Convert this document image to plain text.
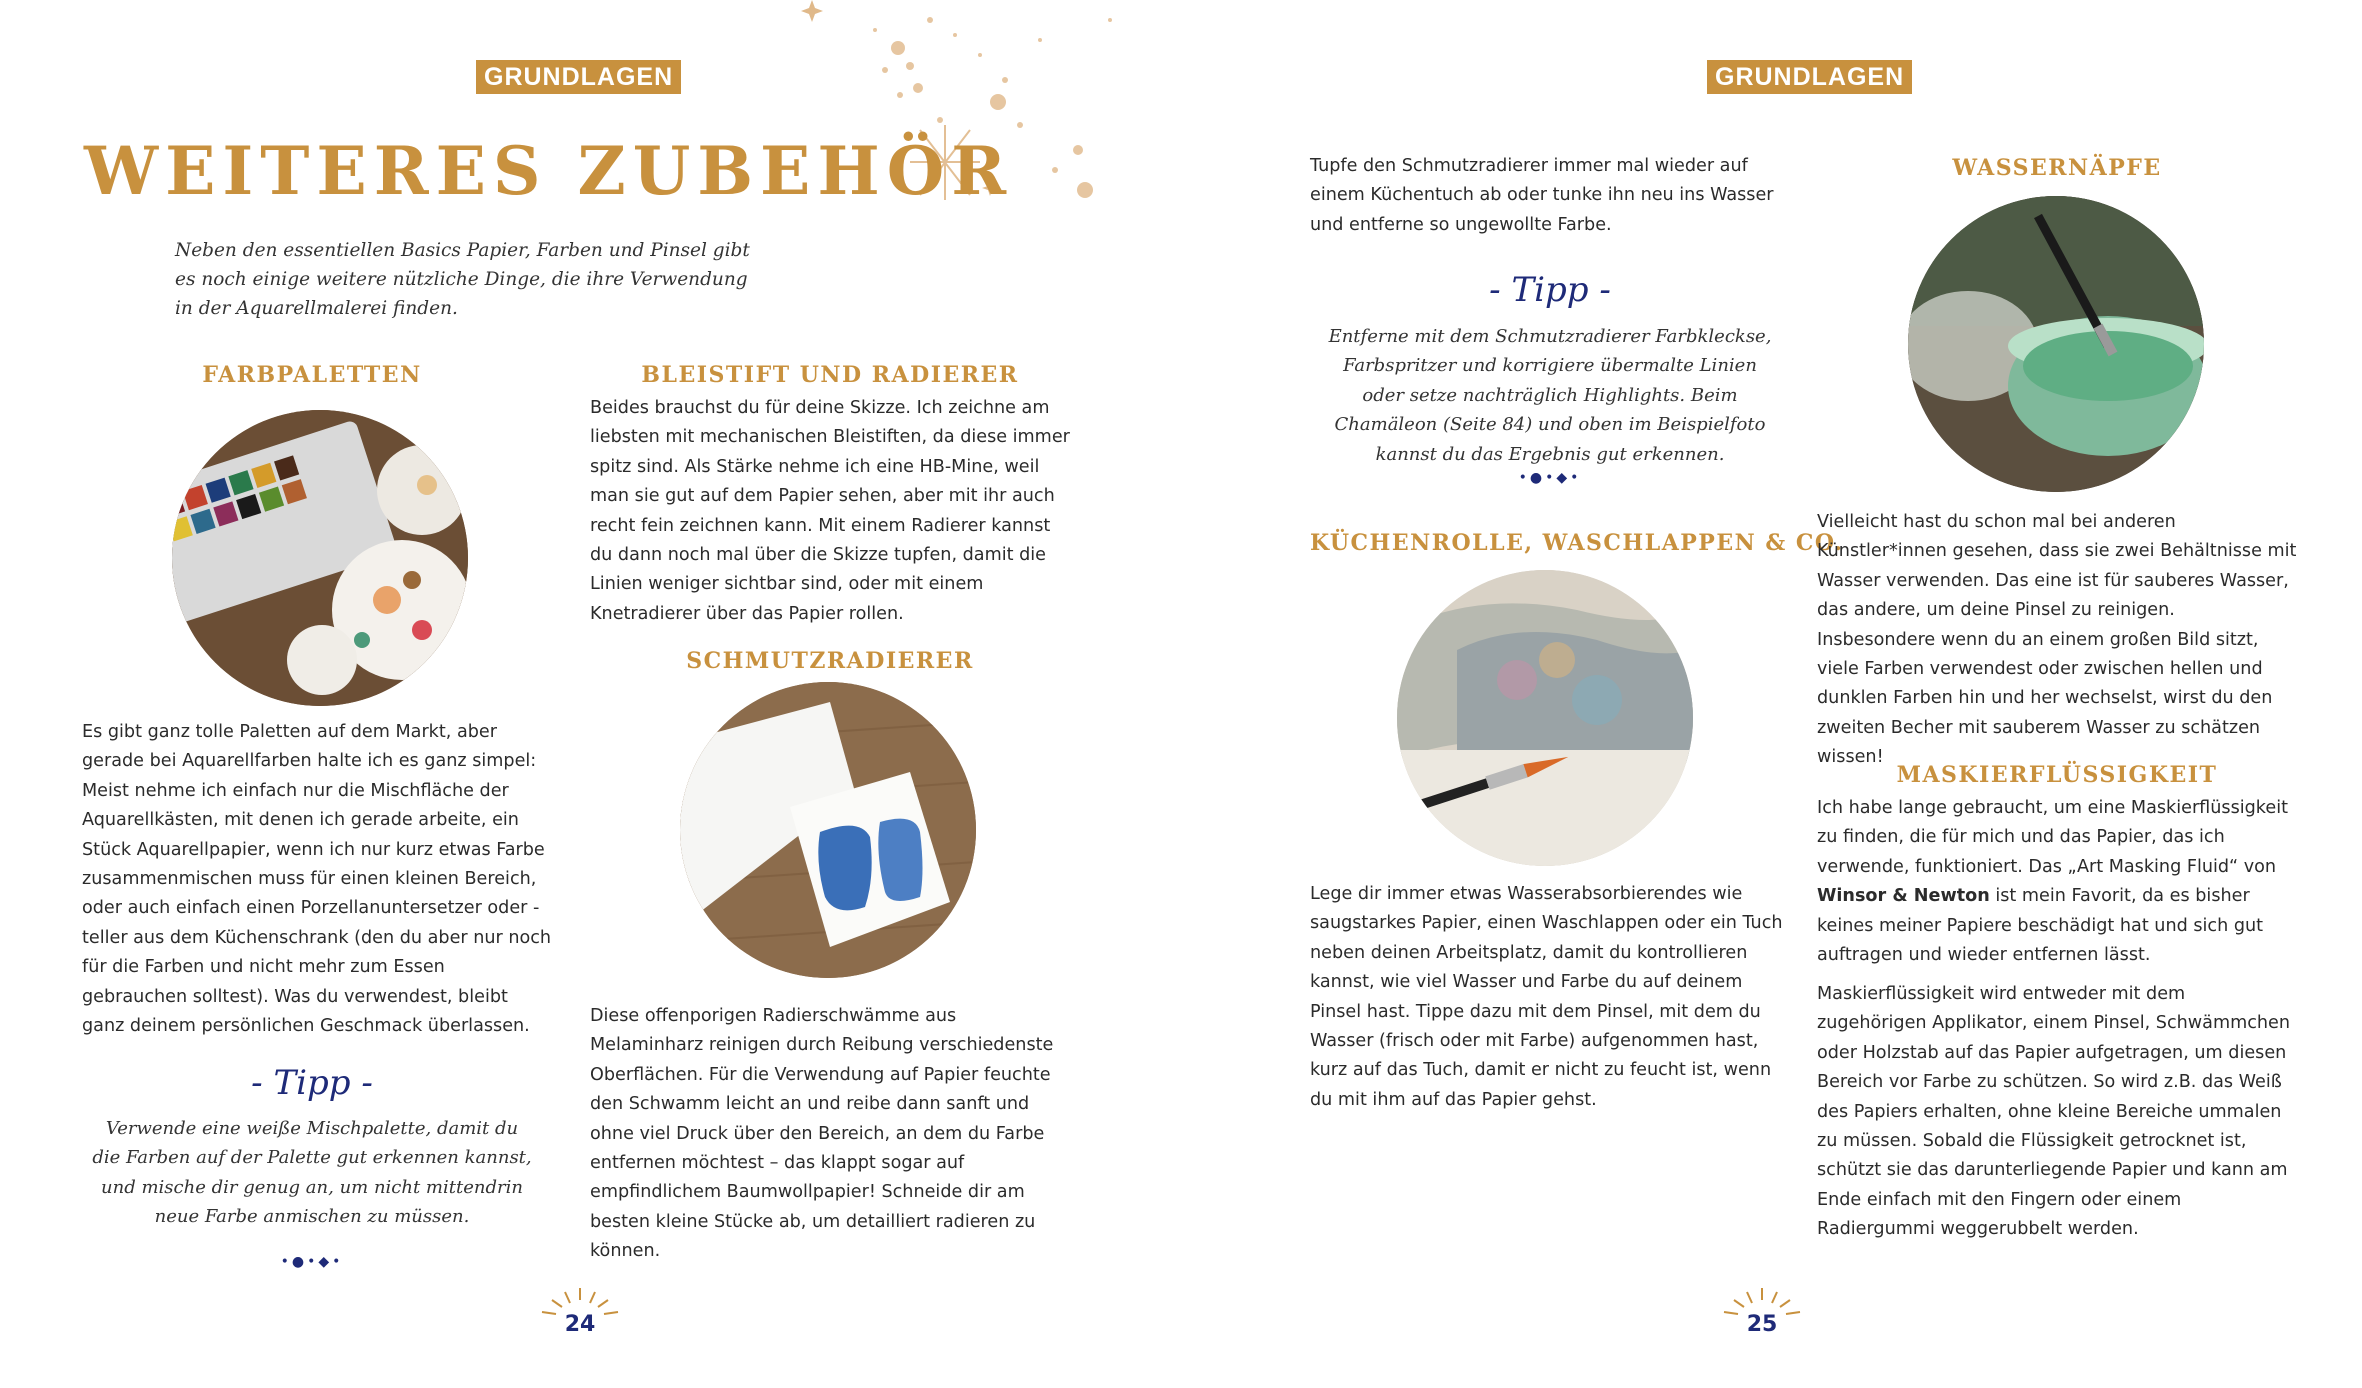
GRUNDLAGEN
WEITERES ZUBEHÖR

Neben den essentiellen Basics Papier, Farben und Pinsel gibt es noch einige weitere nützliche Dinge, die ihre Verwendung in der Aquarellmalerei finden.

FARBPALETTEN

Es gibt ganz tolle Paletten auf dem Markt, aber gerade bei Aquarellfarben halte ich es ganz simpel: Meist nehme ich einfach nur die Mischfläche der Aquarellkästen, mit denen ich gerade arbeite, ein Stück Aquarellpapier, wenn ich nur kurz etwas Farbe zusammenmischen muss für einen kleinen Bereich, oder auch einfach einen Porzellanuntersetzer oder -teller aus dem Küchenschrank (den du aber nur noch für die Farben und nicht mehr zum Essen gebrauchen solltest). Was du verwendest, bleibt ganz deinem persönlichen Geschmack überlassen.

- Tipp -

Verwende eine weiße Mischpalette, damit du die Farben auf der Palette gut erkennen kannst, und mische dir genug an, um nicht mittendrin neue Farbe anmischen zu müssen.

•●•◆•
BLEISTIFT UND RADIERER

Beides brauchst du für deine Skizze. Ich zeichne am liebsten mit mechanischen Bleistiften, da diese immer spitz sind. Als Stärke nehme ich eine HB-Mine, weil man sie gut auf dem Papier sehen, aber mit ihr auch recht fein zeichnen kann. Mit einem Radierer kannst du dann noch mal über die Skizze tupfen, damit die Linien weniger sichtbar sind, oder mit einem Knetradierer über das Papier rollen.

SCHMUTZRADIERER

Diese offenporigen Radierschwämme aus Melaminharz reinigen durch Reibung verschiedenste Oberflächen. Für die Verwendung auf Papier feuchte den Schwamm leicht an und reibe dann sanft und ohne viel Druck über den Bereich, an dem du Farbe entfernen möchtest – das klappt sogar auf empfindlichem Baumwollpapier! Schneide dir am besten kleine Stücke ab, um detailliert radieren zu können.

24
GRUNDLAGEN

Tupfe den Schmutzradierer immer mal wieder auf einem Küchentuch ab oder tunke ihn neu ins Wasser und entferne so ungewollte Farbe.

- Tipp -

Entferne mit dem Schmutzradierer Farbkleckse, Farbspritzer und korrigiere übermalte Linien oder setze nachträglich Highlights. Beim Chamäleon (Seite 84) und oben im Beispielfoto kannst du das Ergebnis gut erkennen.

•●•◆•
KÜCHENROLLE, WASCHLAPPEN & CO.

Lege dir immer etwas Wasserabsorbierendes wie saugstarkes Papier, einen Waschlappen oder ein Tuch neben deinen Arbeitsplatz, damit du kontrollieren kannst, wie viel Wasser und Farbe du auf deinem Pinsel hast. Tippe dazu mit dem Pinsel, mit dem du Wasser (frisch oder mit Farbe) aufgenommen hast, kurz auf das Tuch, damit er nicht zu feucht ist, wenn du mit ihm auf das Papier gehst.

WASSERNÄPFE

Vielleicht hast du schon mal bei anderen Künstler*innen gesehen, dass sie zwei Behältnisse mit Wasser verwenden. Das eine ist für sauberes Wasser, das andere, um deine Pinsel zu reinigen. Insbesondere wenn du an einem großen Bild sitzt, viele Farben verwendest oder zwischen hellen und dunklen Farben hin und her wechselst, wirst du den zweiten Becher mit sauberem Wasser zu schätzen wissen!

MASKIERFLÜSSIGKEIT

Ich habe lange gebraucht, um eine Maskierflüssigkeit zu finden, die für mich und das Papier, das ich verwende, funktioniert. Das „Art Masking Fluid“ von Winsor & Newton ist mein Favorit, da es bisher keines meiner Papiere beschädigt hat und sich gut auftragen und wieder entfernen lässt.

Maskierflüssigkeit wird entweder mit dem zugehörigen Applikator, einem Pinsel, Schwämmchen oder Holzstab auf das Papier aufgetragen, um diesen Bereich vor Farbe zu schützen. So wird z.B. das Weiß des Papiers erhalten, ohne kleine Bereiche ummalen zu müssen. Sobald die Flüssigkeit getrocknet ist, schützt sie das darunterliegende Papier und kann am Ende einfach mit den Fingern oder einem Radiergummi weggerubbelt werden.

25
